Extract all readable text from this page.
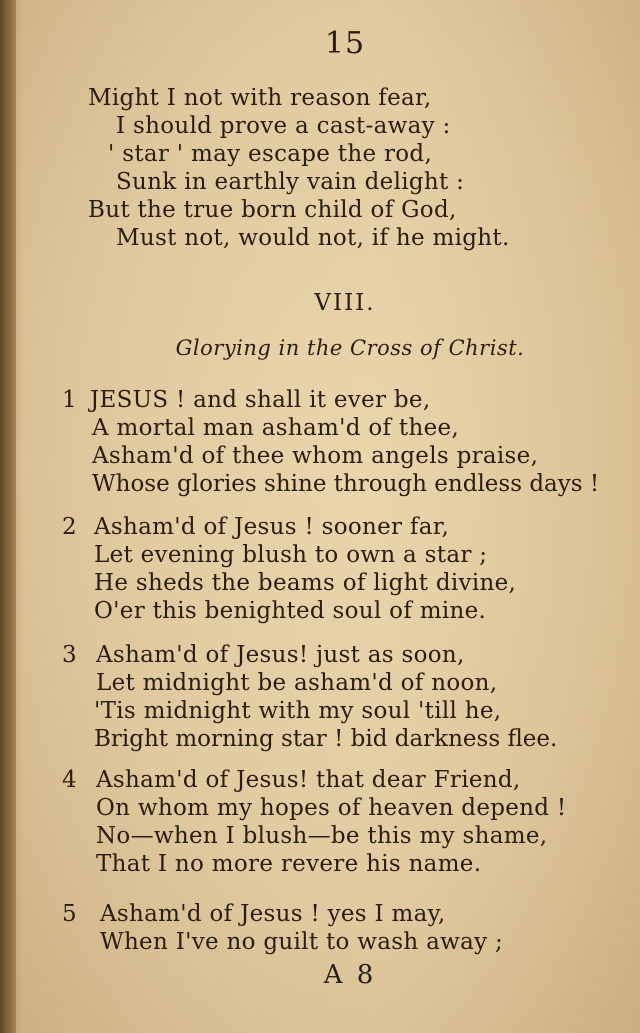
15
Might I not with reason fear,
I should prove a cast-away :
' star ' may escape the rod,
Sunk in earthly vain delight :
But the true born child of God,
Must not, would not, if he might.
VIII.
Glorying in the Cross of Christ.
1 JESUS ! and shall it ever be,
A mortal man asham'd of thee,
Asham'd of thee whom angels praise,
Whose glories shine through endless days !
2 Asham'd of Jesus ! sooner far,
Let evening blush to own a star ;
He sheds the beams of light divine,
O'er this benighted soul of mine.
3 Asham'd of Jesus! just as soon,
Let midnight be asham'd of noon,
'Tis midnight with my soul 'till he,
Bright morning star ! bid darkness flee.
4 Asham'd of Jesus! that dear Friend,
On whom my hopes of heaven depend !
No—when I blush—be this my shame,
That I no more revere his name.
5 Asham'd of Jesus ! yes I may,
When I've no guilt to wash away ;
A 8
